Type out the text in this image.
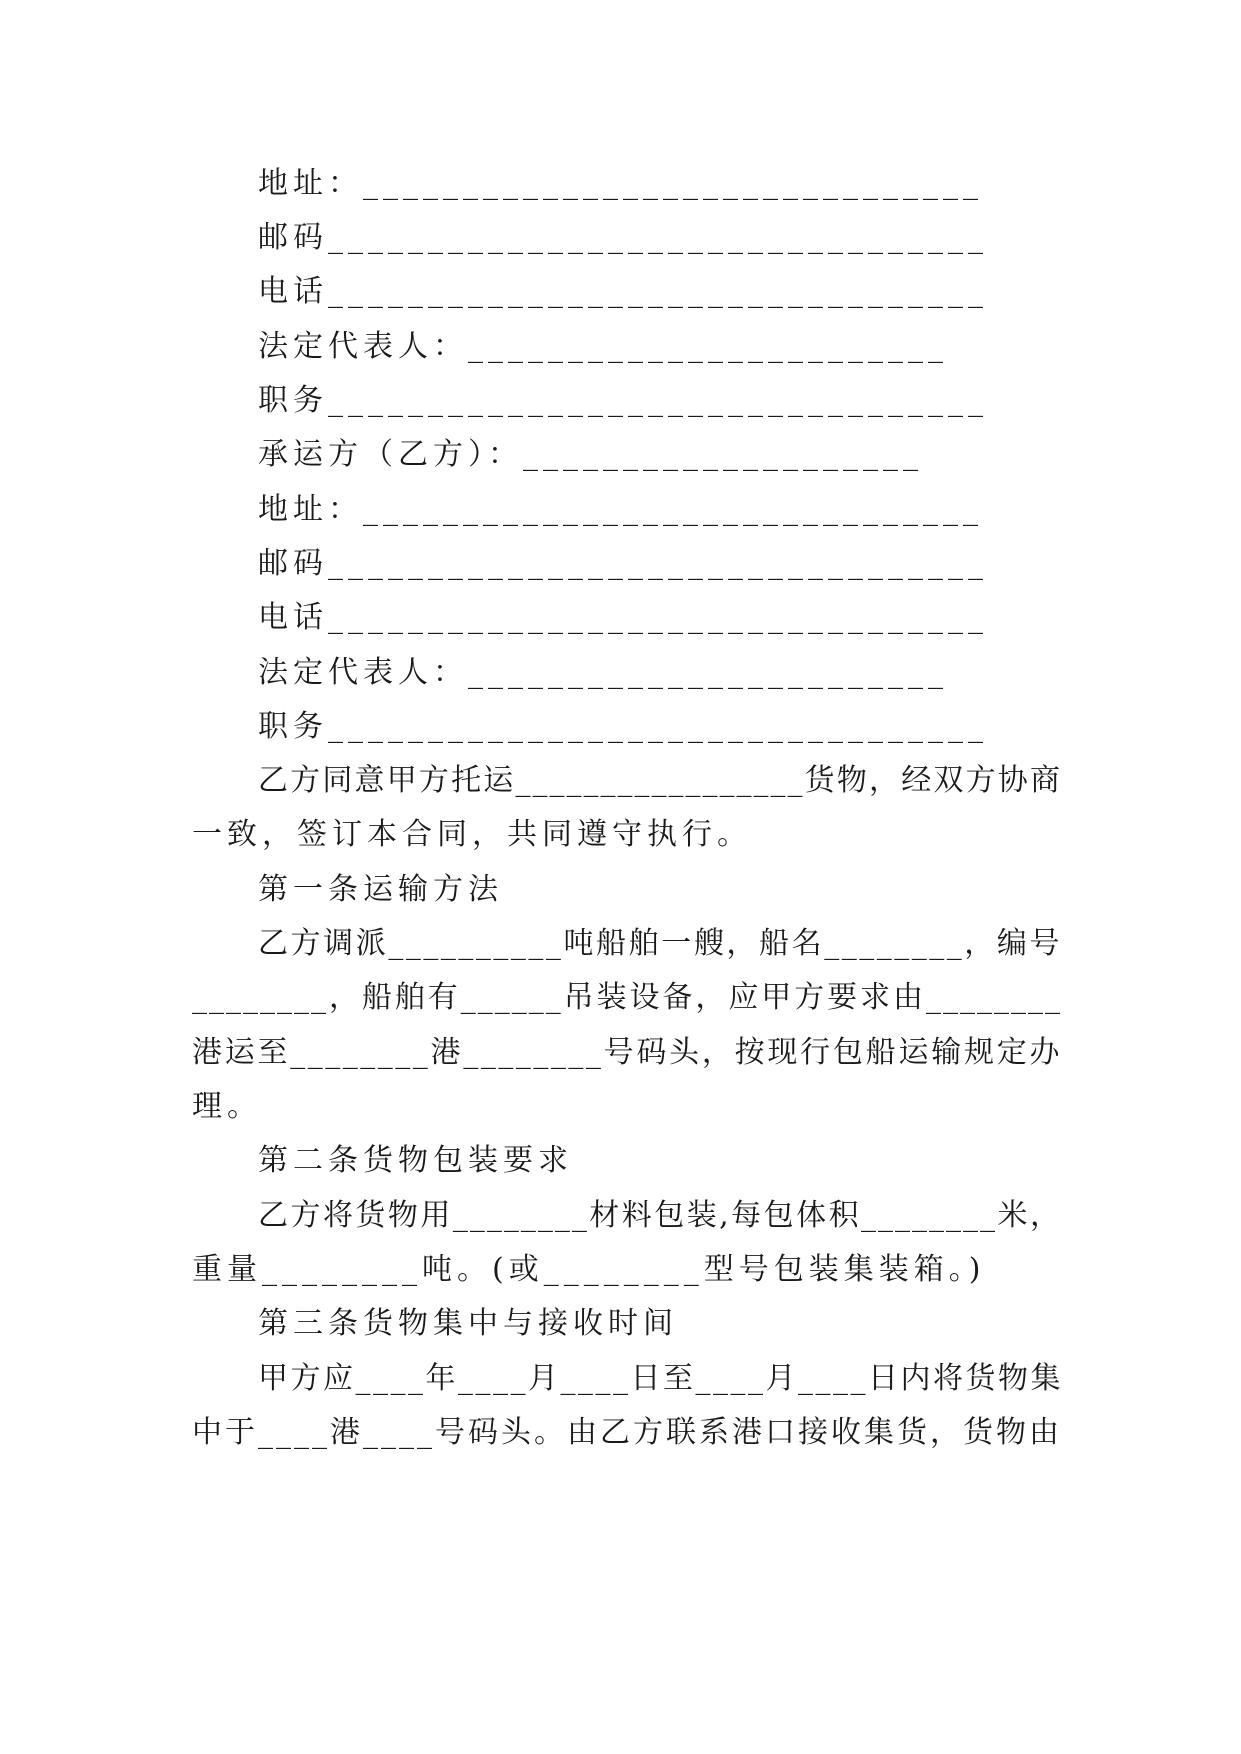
地址：_______________________________
邮码_________________________________
电话_________________________________
法定代表人：________________________
职务_________________________________
承运方（乙方）：____________________
地址：_______________________________
邮码_________________________________
电话_________________________________
法定代表人：________________________
职务_________________________________
乙方同意甲方托运_________________货物，经双方协商
一致，签订本合同，共同遵守执行。
第一条运输方法
乙方调派__________吨船舶一艘，船名________，编号
________，船舶有______吊装设备，应甲方要求由________
港运至________港________号码头，按现行包船运输规定办
理。
第二条货物包装要求
乙方将货物用________材料包装,每包体积________米，
重量________吨。(或________型号包装集装箱。)
第三条货物集中与接收时间
甲方应____年____月____日至____月____日内将货物集
中于____港____号码头。由乙方联系港口接收集货，货物由
